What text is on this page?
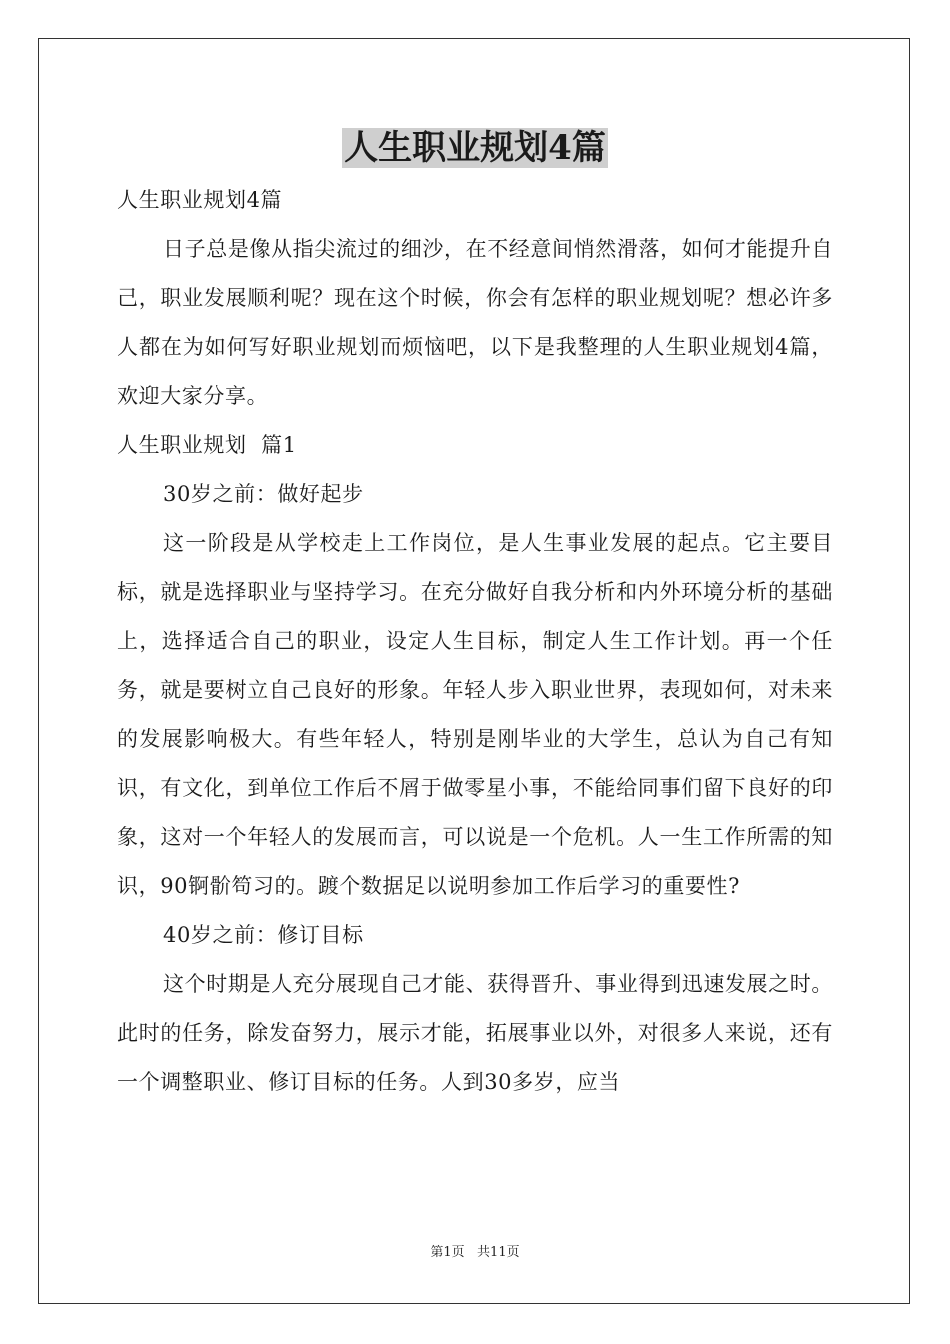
人生职业规划4篇

人生职业规划4篇

日子总是像从指尖流过的细沙，在不经意间悄然滑落，如何才能提升自己，职业发展顺利呢？现在这个时候，你会有怎样的职业规划呢？想必许多人都在为如何写好职业规划而烦恼吧，以下是我整理的人生职业规划4篇，欢迎大家分享。

人生职业规划  篇1

30岁之前：做好起步

这一阶段是从学校走上工作岗位，是人生事业发展的起点。它主要目标，就是选择职业与坚持学习。在充分做好自我分析和内外环境分析的基础上，选择适合自己的职业，设定人生目标，制定人生工作计划。再一个任务，就是要树立自己良好的形象。年轻人步入职业世界，表现如何，对未来的发展影响极大。有些年轻人，特别是刚毕业的大学生，总认为自己有知识，有文化，到单位工作后不屑于做零星小事，不能给同事们留下良好的印象，这对一个年轻人的发展而言，可以说是一个危机。人一生工作所需的知识，90锕骱笱习的。踱个数据足以说明参加工作后学习的重要性?

40岁之前：修订目标

这个时期是人充分展现自己才能、获得晋升、事业得到迅速发展之时。此时的任务，除发奋努力，展示才能，拓展事业以外，对很多人来说，还有一个调整职业、修订目标的任务。人到30多岁，应当

第1页   共11页
